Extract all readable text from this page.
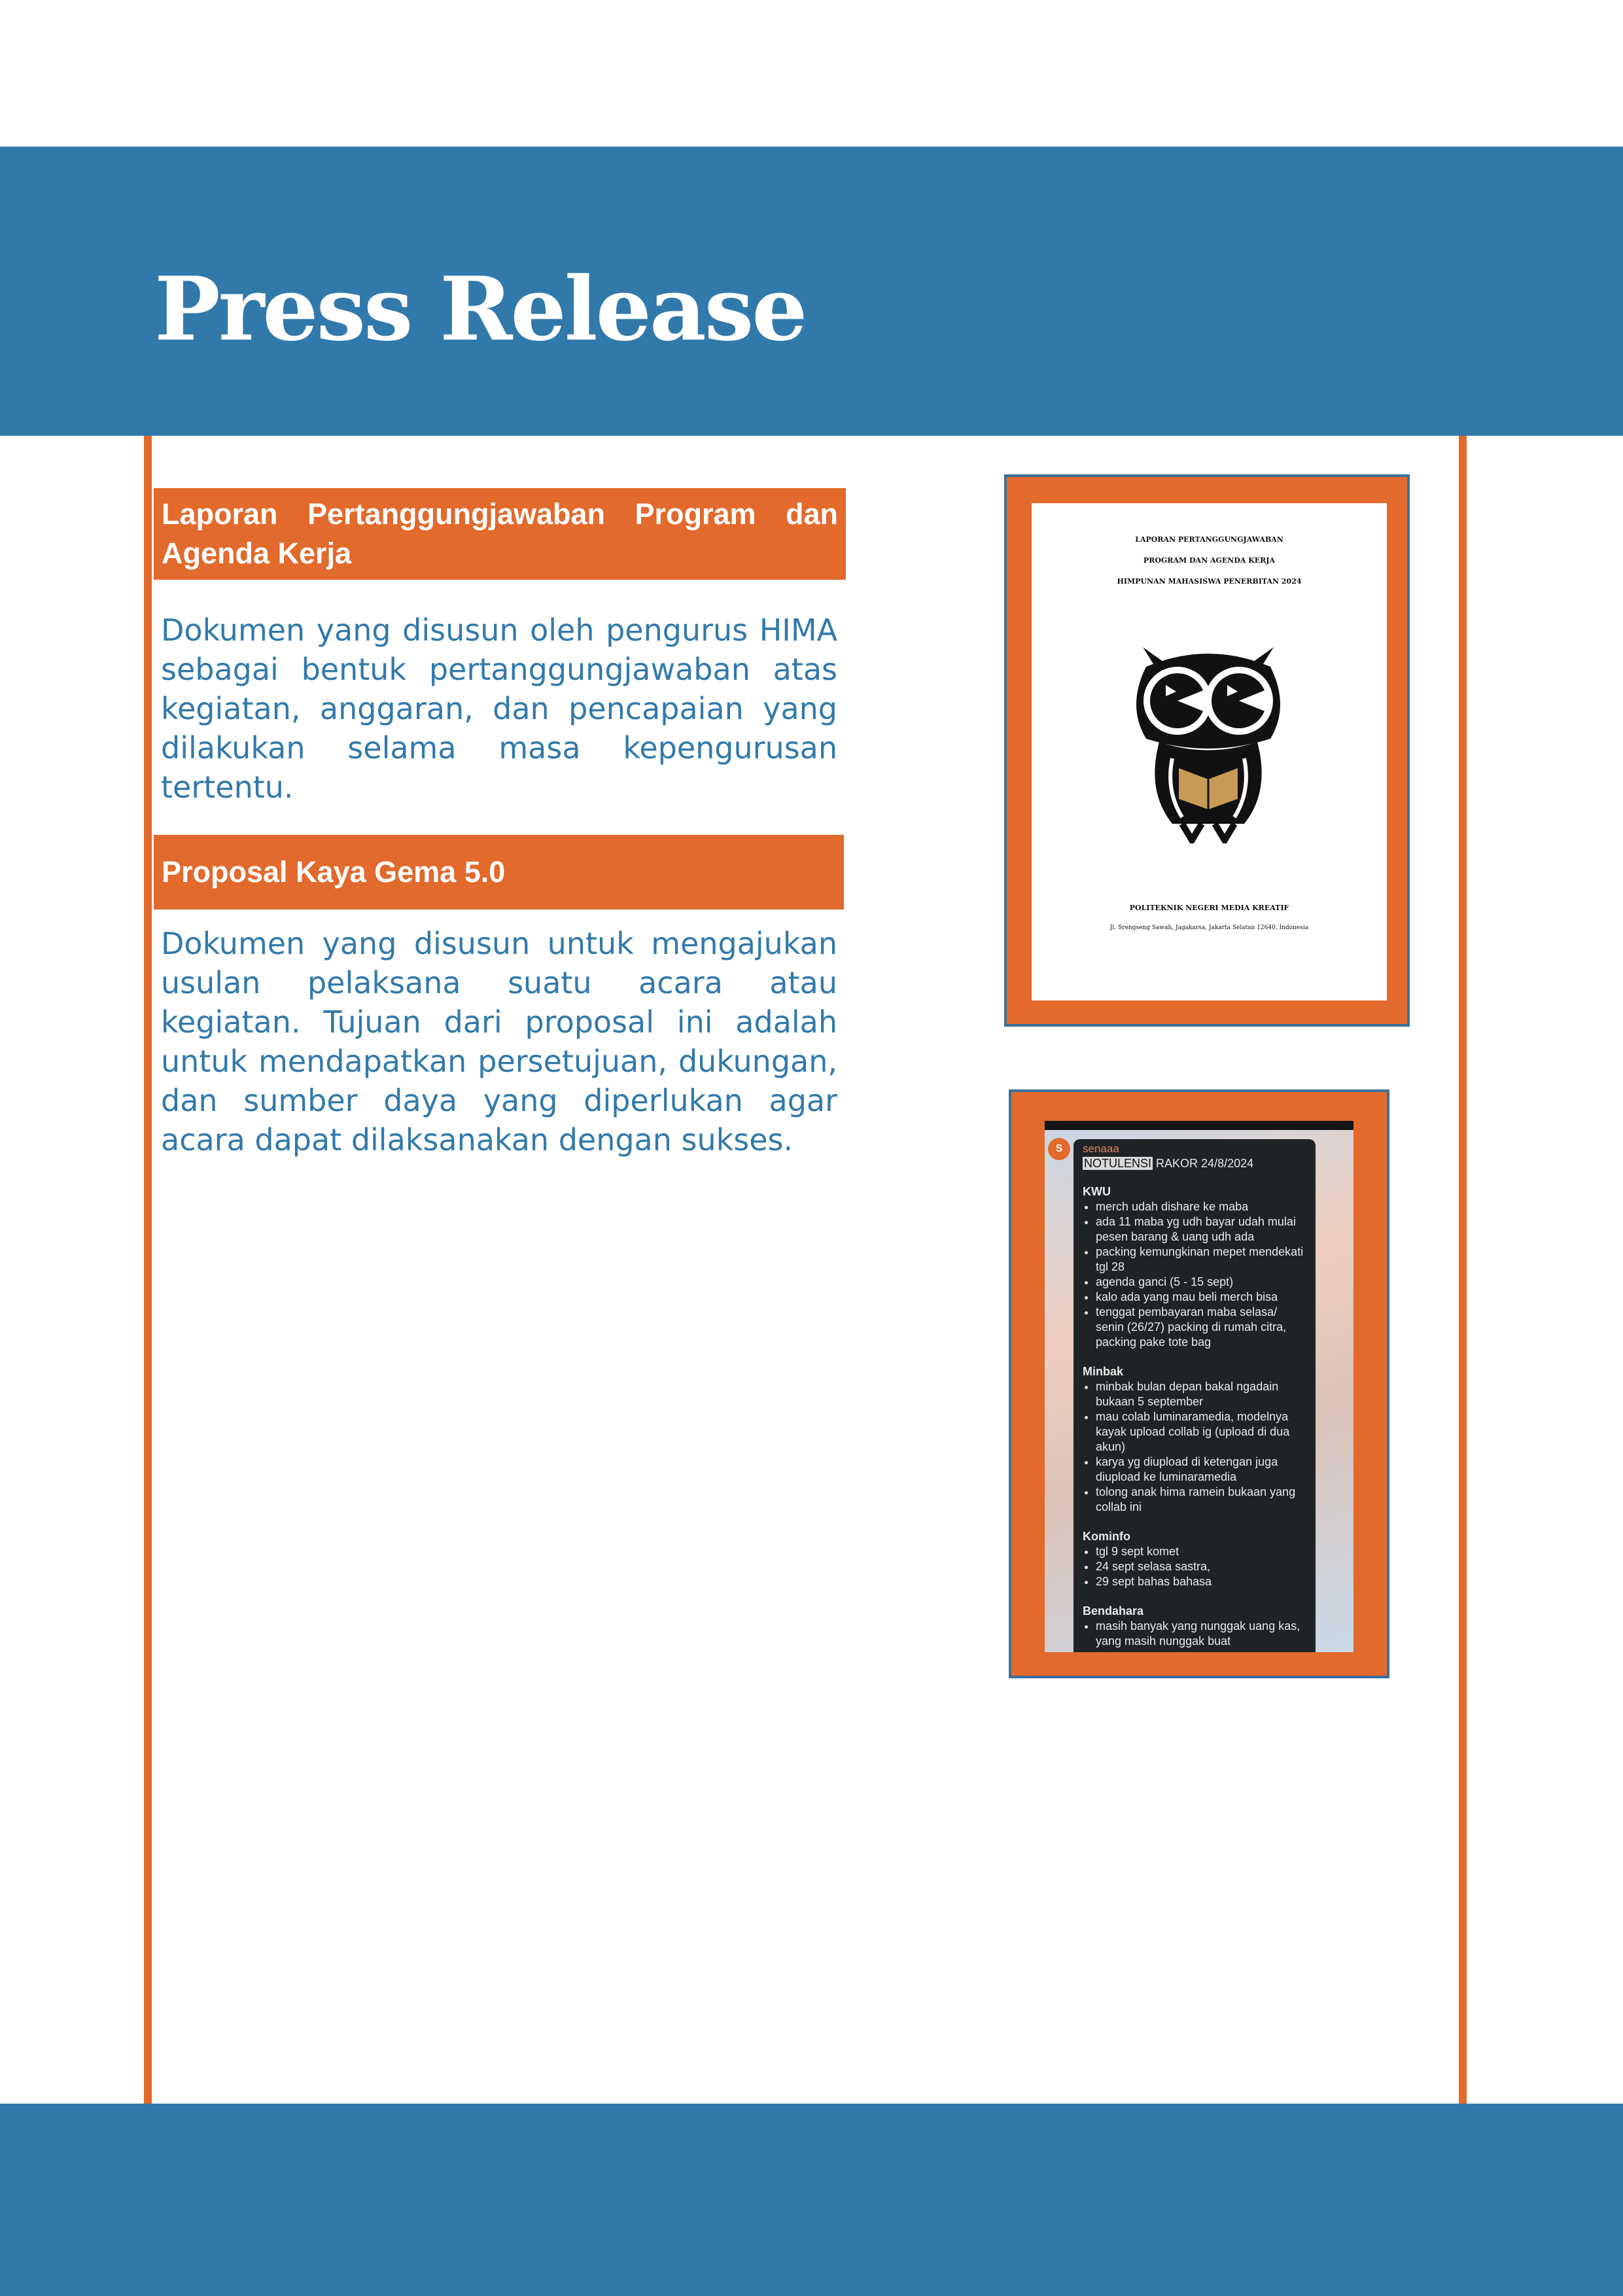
Press Release
Laporan Pertanggungjawaban Program dan Agenda Kerja

Dokumen yang disusun oleh pengurus HIMA sebagai bentuk pertanggungjawaban atas kegiatan, anggaran, dan pencapaian yang dilakukan selama masa kepengurusan tertentu.

Proposal Kaya Gema 5.0

Dokumen yang disusun untuk mengajukan usulan pelaksana suatu acara atau kegiatan. Tujuan dari proposal ini adalah untuk mendapatkan persetujuan, dukungan, dan sumber daya yang diperlukan agar acara dapat dilaksanakan dengan sukses.

LAPORAN PERTANGGUNGJAWABAN
PROGRAM DAN AGENDA KERJA
HIMPUNAN MAHASISWA PENERBITAN 2024
POLITEKNIK NEGERI MEDIA KREATIF
Jl. Srengseng Sawah, Jagakarsa, Jakarta Selatan 12640, Indonesia
S	senaaa
NOTULENSI RAKOR 24/8/2024
KWU
• merch udah dishare ke maba
• ada 11 maba yg udh bayar udah mulai pesen barang & uang udh ada
• packing kemungkinan mepet mendekati tgl 28
• agenda ganci (5 - 15 sept)
• kalo ada yang mau beli merch bisa
• tenggat pembayaran maba selasa/ senin (26/27) packing di rumah citra, packing pake tote bag
Minbak
• minbak bulan depan bakal ngadain bukaan 5 september
• mau colab luminaramedia, modelnya kayak upload collab ig (upload di dua akun)
• karya yg diupload di ketengan juga diupload ke luminaramedia
• tolong anak hima ramein bukaan yang collab ini
Kominfo
• tgl 9 sept komet
• 24 sept selasa sastra,
• 29 sept bahas bahasa
Bendahara
• masih banyak yang nunggak uang kas, yang masih nunggak buat
